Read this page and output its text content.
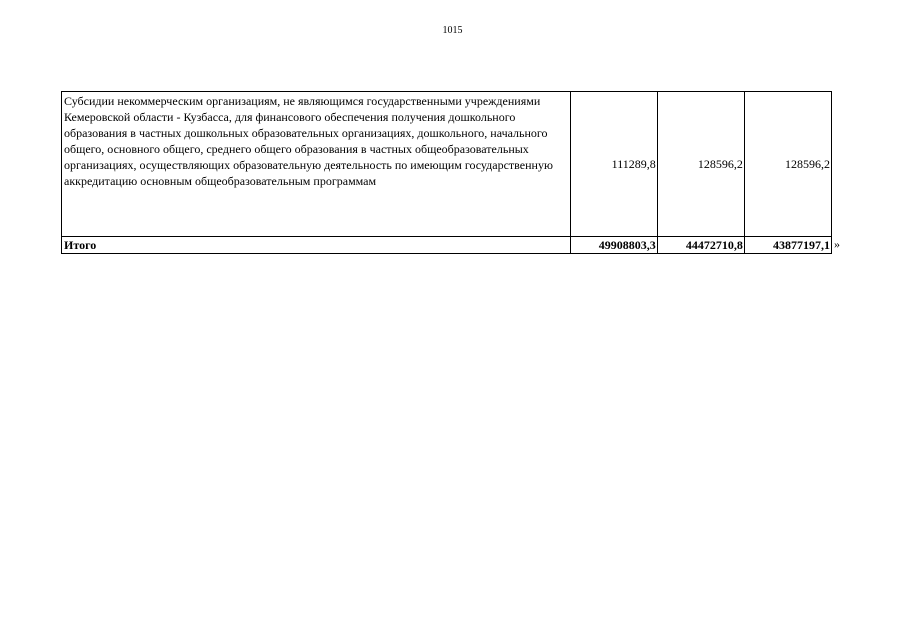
1015
Субсидии некоммерческим организациям, не являющимся государственными учреждениями Кемеровской области - Кузбасса, для финансового обеспечения получения дошкольного образования в частных дошкольных образовательных организациях, дошкольного, начального общего, основного общего, среднего общего образования в частных общеобразовательных организациях, осуществляющих образовательную деятельность по имеющим государственную аккредитацию основным общеобразовательным программам	111289,8	128596,2	128596,2
Итого	49908803,3	44472710,8	43877197,1 »
